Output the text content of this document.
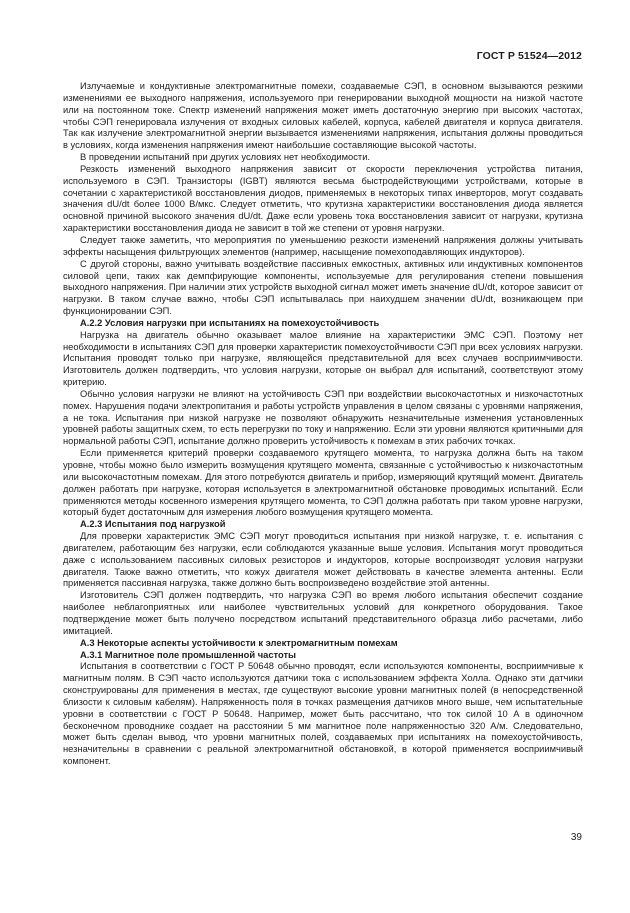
ГОСТ Р 51524—2012

Излучаемые и кондуктивные электромагнитные помехи, создаваемые СЭП, в основном вызываются резкими изменениями ее выходного напряжения, используемого при генерировании выходной мощности на низкой частоте или на постоянном токе. Спектр изменений напряжения может иметь достаточную энергию при высоких частотах, чтобы СЭП генерировала излучения от входных силовых кабелей, корпуса, кабелей двигателя и корпуса двигателя. Так как излучение электромагнитной энергии вызывается изменениями напряжения, испытания должны проводиться в условиях, когда изменения напряжения имеют наибольшие составляющие высокой частоты.

В проведении испытаний при других условиях нет необходимости.

Резкость изменений выходного напряжения зависит от скорости переключения устройства питания, используемого в СЭП. Транзисторы (IGBT) являются весьма быстродействующими устройствами, которые в сочетании с характеристикой восстановления диодов, применяемых в некоторых типах инверторов, могут создавать значения dU/dt более 1000 В/мкс. Следует отметить, что крутизна характеристики восстановления диода является основной причиной высокого значения dU/dt. Даже если уровень тока восстановления зависит от нагрузки, крутизна характеристики восстановления диода не зависит в той же степени от уровня нагрузки.

Следует также заметить, что мероприятия по уменьшению резкости изменений напряжения должны учитывать эффекты насыщения фильтрующих элементов (например, насыщение помехоподавляющих индукторов).

С другой стороны, важно учитывать воздействие пассивных емкостных, активных или индуктивных компонентов силовой цепи, таких как демпфирующие компоненты, используемые для регулирования степени повышения выходного напряжения. При наличии этих устройств выходной сигнал может иметь значение dU/dt, которое зависит от нагрузки. В таком случае важно, чтобы СЭП испытывалась при наихудшем значении dU/dt, возникающем при функционировании СЭП.

А.2.2 Условия нагрузки при испытаниях на помехоустойчивость

Нагрузка на двигатель обычно оказывает малое влияние на характеристики ЭМС СЭП. Поэтому нет необходимости в испытаниях СЭП для проверки характеристик помехоустойчивости СЭП при всех условиях нагрузки. Испытания проводят только при нагрузке, являющейся представительной для всех случаев восприимчивости. Изготовитель должен подтвердить, что условия нагрузки, которые он выбрал для испытаний, соответствуют этому критерию.

Обычно условия нагрузки не влияют на устойчивость СЭП при воздействии высокочастотных и низкочастотных помех. Нарушения подачи электропитания и работы устройств управления в целом связаны с уровнями напряжения, а не тока. Испытания при низкой нагрузке не позволяют обнаружить незначительные изменения установленных уровней работы защитных схем, то есть перегрузки по току и напряжению. Если эти уровни являются критичными для нормальной работы СЭП, испытание должно проверить устойчивость к помехам в этих рабочих точках.

Если применяется критерий проверки создаваемого крутящего момента, то нагрузка должна быть на таком уровне, чтобы можно было измерить возмущения крутящего момента, связанные с устойчивостью к низкочастотным или высокочастотным помехам. Для этого потребуются двигатель и прибор, измеряющий крутящий момент. Двигатель должен работать при нагрузке, которая используется в электромагнитной обстановке проводимых испытаний. Если применяются методы косвенного измерения крутящего момента, то СЭП должна работать при таком уровне нагрузки, который будет достаточным для измерения любого возмущения крутящего момента.

А.2.3 Испытания под нагрузкой

Для проверки характеристик ЭМС СЭП могут проводиться испытания при низкой нагрузке, т. е. испытания с двигателем, работающим без нагрузки, если соблюдаются указанные выше условия. Испытания могут проводиться даже с использованием пассивных силовых резисторов и индукторов, которые воспроизводят условия нагрузки двигателя. Также важно отметить, что кожух двигателя может действовать в качестве элемента антенны. Если применяется пассивная нагрузка, также должно быть воспроизведено воздействие этой антенны.

Изготовитель СЭП должен подтвердить, что нагрузка СЭП во время любого испытания обеспечит создание наиболее неблагоприятных или наиболее чувствительных условий для конкретного оборудования. Такое подтверждение может быть получено посредством испытаний представительного образца либо расчетами, либо имитацией.

А.3 Некоторые аспекты устойчивости к электромагнитным помехам

А.3.1 Магнитное поле промышленной частоты

Испытания в соответствии с ГОСТ Р 50648 обычно проводят, если используются компоненты, восприимчивые к магнитным полям. В СЭП часто используются датчики тока с использованием эффекта Холла. Однако эти датчики сконструированы для применения в местах, где существуют высокие уровни магнитных полей (в непосредственной близости к силовым кабелям). Напряженность поля в точках размещения датчиков много выше, чем испытательные уровни в соответствии с ГОСТ Р 50648. Например, может быть рассчитано, что ток силой 10 А в одиночном бесконечном проводнике создает на расстоянии 5 мм магнитное поле напряженностью 320 А/м. Следовательно, может быть сделан вывод, что уровни магнитных полей, создаваемых при испытаниях на помехоустойчивость, незначительны в сравнении с реальной электромагнитной обстановкой, в которой применяется восприимчивый компонент.

39
